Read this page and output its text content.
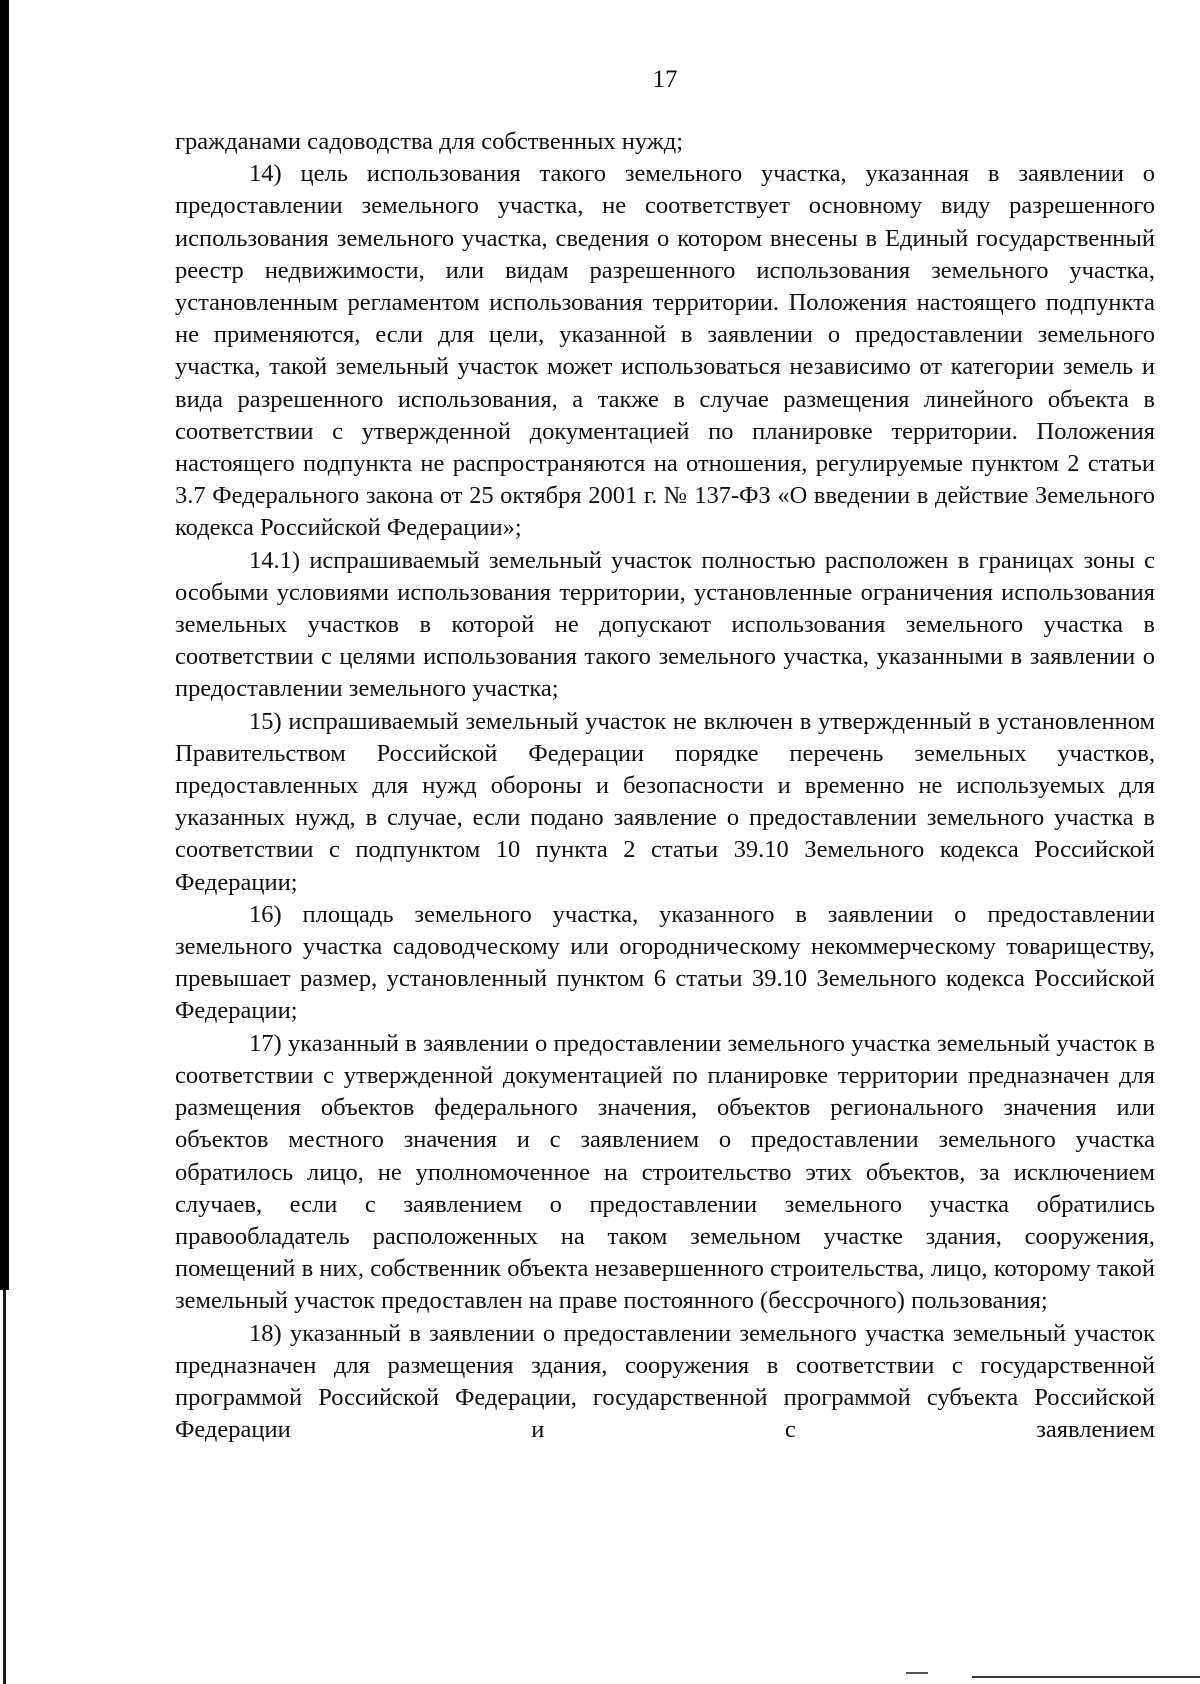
17

гражданами садоводства для собственных нужд;

14) цель использования такого земельного участка, указанная в заявлении о предоставлении земельного участка, не соответствует основному виду разрешенного использования земельного участка, сведения о котором внесены в Единый государственный реестр недвижимости, или видам разрешенного использования земельного участка, установленным регламентом использования территории. Положения настоящего подпункта не применяются, если для цели, указанной в заявлении о предоставлении земельного участка, такой земельный участок может использоваться независимо от категории земель и вида разрешенного использования, а также в случае размещения линейного объекта в соответствии с утвержденной документацией по планировке территории. Положения настоящего подпункта не распространяются на отношения, регулируемые пунктом 2 статьи 3.7 Федерального закона от 25 октября 2001 г. № 137-ФЗ «О введении в действие Земельного кодекса Российской Федерации»;

14.1) испрашиваемый земельный участок полностью расположен в границах зоны с особыми условиями использования территории, установленные ограничения использования земельных участков в которой не допускают использования земельного участка в соответствии с целями использования такого земельного участка, указанными в заявлении о предоставлении земельного участка;

15) испрашиваемый земельный участок не включен в утвержденный в установленном Правительством Российской Федерации порядке перечень земельных участков, предоставленных для нужд обороны и безопасности и временно не используемых для указанных нужд, в случае, если подано заявление о предоставлении земельного участка в соответствии с подпунктом 10 пункта 2 статьи 39.10 Земельного кодекса Российской Федерации;

16) площадь земельного участка, указанного в заявлении о предоставлении земельного участка садоводческому или огородническому некоммерческому товариществу, превышает размер, установленный пунктом 6 статьи 39.10 Земельного кодекса Российской Федерации;

17) указанный в заявлении о предоставлении земельного участка земельный участок в соответствии с утвержденной документацией по планировке территории предназначен для размещения объектов федерального значения, объектов регионального значения или объектов местного значения и с заявлением о предоставлении земельного участка обратилось лицо, не уполномоченное на строительство этих объектов, за исключением случаев, если с заявлением о предоставлении земельного участка обратились правообладатель расположенных на таком земельном участке здания, сооружения, помещений в них, собственник объекта незавершенного строительства, лицо, которому такой земельный участок предоставлен на праве постоянного (бессрочного) пользования;

18) указанный в заявлении о предоставлении земельного участка земельный участок предназначен для размещения здания, сооружения в соответствии с государственной программой Российской Федерации, государственной программой субъекта Российской Федерации и с заявлением
